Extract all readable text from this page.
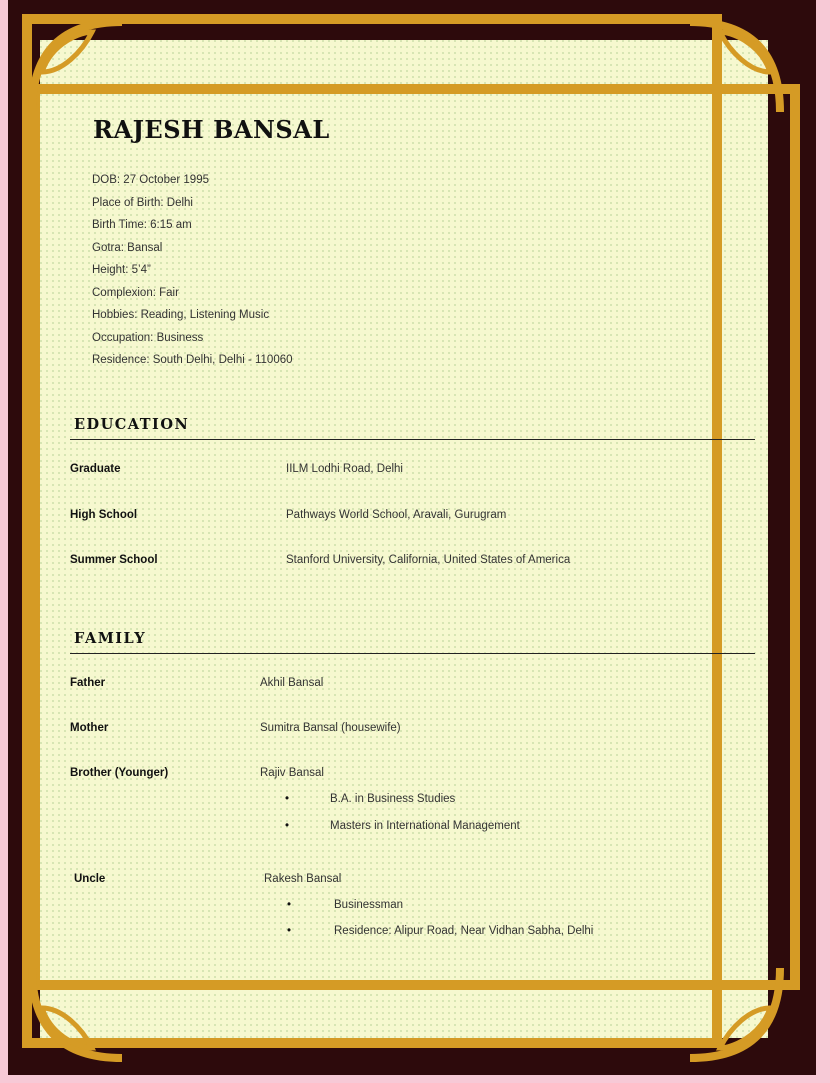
RAJESH BANSAL
DOB: 27 October 1995
Place of Birth: Delhi
Birth Time: 6:15 am
Gotra: Bansal
Height: 5’4”
Complexion: Fair
Hobbies: Reading, Listening Music
Occupation: Business
Residence: South Delhi, Delhi - 110060
EDUCATION
Graduate	IILM Lodhi Road, Delhi
High School	Pathways World School, Aravali, Gurugram
Summer School	Stanford University, California, United States of America
FAMILY
Father	Akhil Bansal
Mother	Sumitra Bansal (housewife)
Brother (Younger)	Rajiv Bansal
•	B.A. in Business Studies
•	Masters in International Management
Uncle	Rakesh Bansal
•	Businessman
•	Residence: Alipur Road, Near Vidhan Sabha, Delhi
